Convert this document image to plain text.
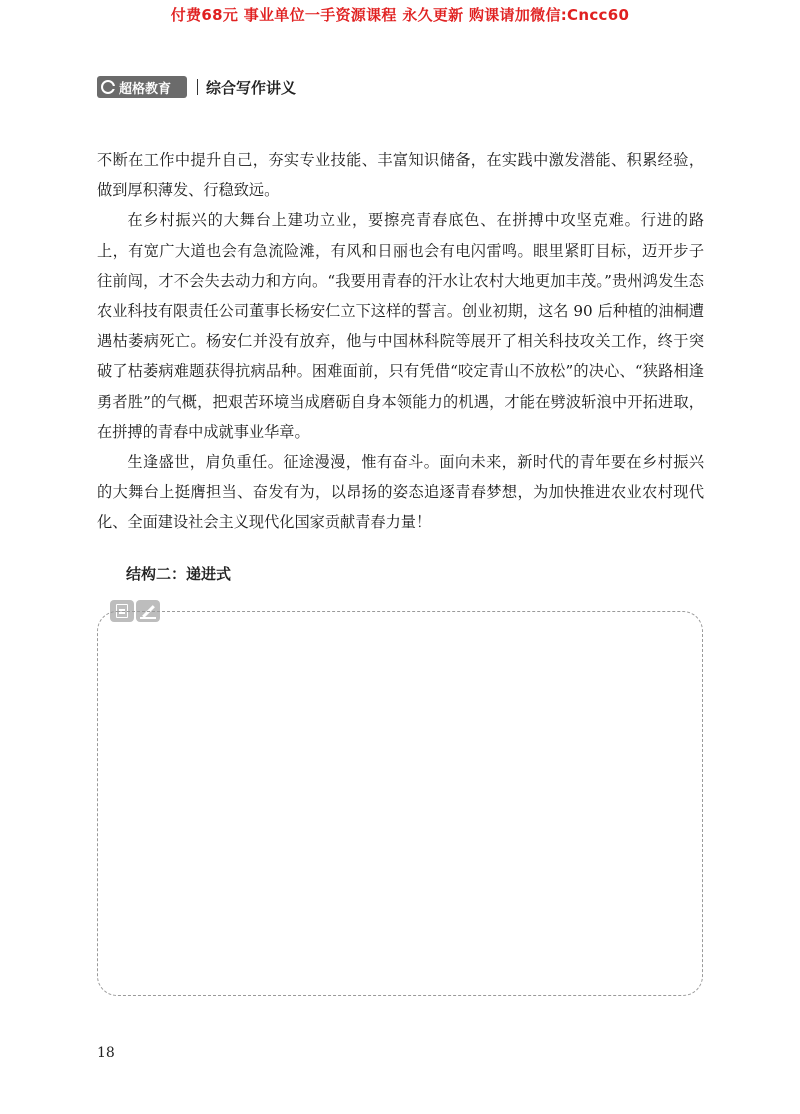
付费68元 事业单位一手资源课程 永久更新 购课请加微信:Cncc60
超格教育 综合写作讲义

不断在工作中提升自己，夯实专业技能、丰富知识储备，在实践中激发潜能、积累经验，做到厚积薄发、行稳致远。

在乡村振兴的大舞台上建功立业，要擦亮青春底色、在拼搏中攻坚克难。行进的路上，有宽广大道也会有急流险滩，有风和日丽也会有电闪雷鸣。眼里紧盯目标，迈开步子往前闯，才不会失去动力和方向。“我要用青春的汗水让农村大地更加丰茂。”贵州鸿发生态农业科技有限责任公司董事长杨安仁立下这样的誓言。创业初期，这名 90 后种植的油桐遭遇枯萎病死亡。杨安仁并没有放弃，他与中国林科院等展开了相关科技攻关工作，终于突破了枯萎病难题获得抗病品种。困难面前，只有凭借“咬定青山不放松”的决心、“狭路相逢勇者胜”的气概，把艰苦环境当成磨砺自身本领能力的机遇，才能在劈波斩浪中开拓进取，在拼搏的青春中成就事业华章。

生逢盛世，肩负重任。征途漫漫，惟有奋斗。面向未来，新时代的青年要在乡村振兴的大舞台上挺膺担当、奋发有为，以昂扬的姿态追逐青春梦想，为加快推进农业农村现代化、全面建设社会主义现代化国家贡献青春力量！

结构二：递进式
18
